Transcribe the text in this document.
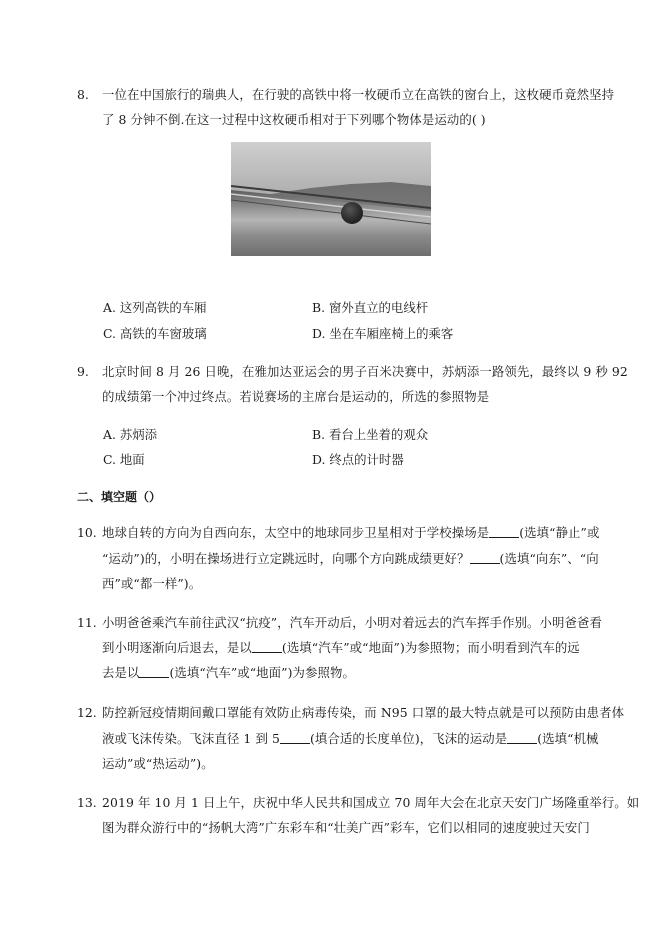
8. 一位在中国旅行的瑞典人，在行驶的高铁中将一枚硬币立在高铁的窗台上，这枚硬币竟然坚持
了 8 分钟不倒.在这一过程中这枚硬币相对于下列哪个物体是运动的( )
A. 这列高铁的车厢	B. 窗外直立的电线杆
C. 高铁的车窗玻璃	D. 坐在车厢座椅上的乘客
9. 北京时间 8 月 26 日晚，在雅加达亚运会的男子百米决赛中，苏炳添一路领先，最终以 9 秒 92
的成绩第一个冲过终点。若说赛场的主席台是运动的，所选的参照物是
A. 苏炳添	B. 看台上坐着的观众
C. 地面	D. 终点的计时器
二、填空题（）
10. 地球自转的方向为自西向东，太空中的地球同步卫星相对于学校操场是 (选填“静止”或
“运动”)的，小明在操场进行立定跳远时，向哪个方向跳成绩更好？ (选填“向东”、“向
西”或“都一样”)。
11. 小明爸爸乘汽车前往武汉“抗疫”，汽车开动后，小明对着远去的汽车挥手作别。小明爸爸看
到小明逐渐向后退去，是以 (选填“汽车”或“地面”)为参照物；而小明看到汽车的远
去是以 (选填“汽车”或“地面”)为参照物。
12. 防控新冠疫情期间戴口罩能有效防止病毒传染，而 N95 口罩的最大特点就是可以预防由患者体
液或飞沫传染。飞沫直径 1 到 5 (填合适的长度单位)，飞沫的运动是 (选填“机械
运动”或“热运动”)。
13. 2019 年 10 月 1 日上午，庆祝中华人民共和国成立 70 周年大会在北京天安门广场隆重举行。如
图为群众游行中的“扬帆大湾”广东彩车和“壮美广西”彩车，它们以相同的速度驶过天安门
